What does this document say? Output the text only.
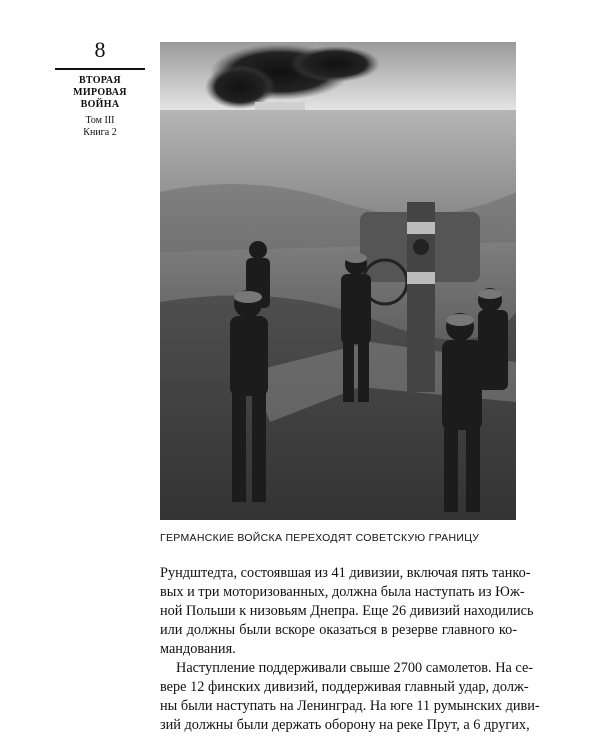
8
ВТОРАЯ
МИРОВАЯ
ВОЙНА
Том III
Книга 2
ГЕРМАНСКИЕ ВОЙСКА ПЕРЕХОДЯТ СОВЕТСКУЮ ГРАНИЦУ
Рундштедта, состоявшая из 41 дивизии, включая пять танко-
вых и три моторизованных, должна была наступать из Юж-
ной Польши к низовьям Днепра. Еще 26 дивизий находились
или должны были вскоре оказаться в резерве главного ко-
мандования.
Наступление поддерживали свыше 2700 самолетов. На се-
вере 12 финских дивизий, поддерживая главный удар, долж-
ны были наступать на Ленинград. На юге 11 румынских диви-
зий должны были держать оборону на реке Прут, а 6 других,
